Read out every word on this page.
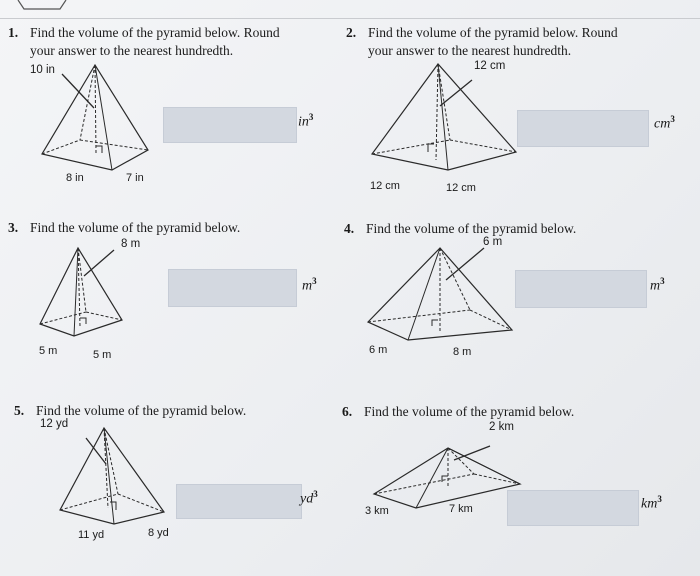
1. Find the volume of the pyramid below. Round
your answer to the nearest hundredth.
10 in
8 in	7 in
$in^3$
2. Find the volume of the pyramid below. Round
your answer to the nearest hundredth.
12 cm
12 cm	12 cm
$cm^3$
3. Find the volume of the pyramid below.
8 m
5 m	5 m
$m^3$
4. Find the volume of the pyramid below.
6 m
6 m	8 m
$m^3$
5. Find the volume of the pyramid below.
12 yd
11 yd	8 yd
$yd^3$
6. Find the volume of the pyramid below.
2 km
3 km	7 km	$km^3$
